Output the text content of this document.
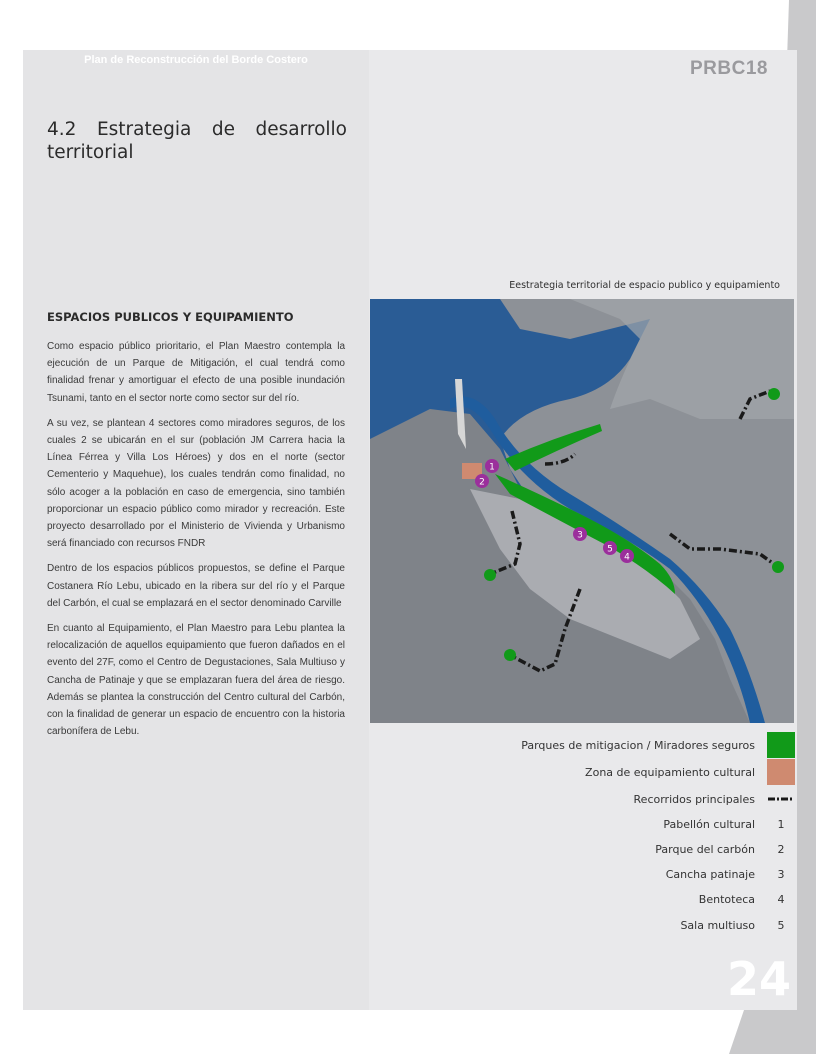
Plan de Reconstrucción del Borde Costero	PRBC18
4.2 Estrategia de desarrollo
territorial
ESPACIOS PUBLICOS Y EQUIPAMIENTO

Como espacio público prioritario, el Plan Maestro contempla la ejecución de un Parque de Mitigación, el cual tendrá como finalidad frenar y amortiguar el efecto de una posible inundación Tsunami, tanto en el sector norte como sector sur del río.

A su vez, se plantean 4 sectores como miradores seguros, de los cuales 2 se ubicarán en el sur (población JM Carrera hacia la Línea Férrea y Villa Los Héroes) y dos en el norte (sector Cementerio y Maquehue), los cuales tendrán como finalidad, no sólo acoger a la población en caso de emergencia, sino también proporcionar un espacio público como mirador y recreación. Este proyecto desarrollado por el Ministerio de Vivienda y Urbanismo será financiado con recursos FNDR

Dentro de los espacios públicos propuestos, se define el Parque Costanera Río Lebu, ubicado en la ribera sur del río y el Parque del Carbón, el cual se emplazará en el sector denominado Carville

En cuanto al Equipamiento, el Plan Maestro para Lebu plantea la relocalización de aquellos equipamiento que fueron dañados en el evento del 27F, como el Centro de Degustaciones, Sala Multiuso y Cancha de Patinaje y que se emplazaran fuera del área de riesgo. Además se plantea la construcción del Centro cultural del Carbón, con la finalidad de generar un espacio de encuentro con la historia carbonífera de Lebu.

Eestrategia territorial de espacio publico y equipamiento
1
2
3
4
5
Parques de mitigacion / Miradores seguros
Zona de equipamiento cultural
Recorridos principales
Pabellón cultural	1
Parque del carbón	2
Cancha patinaje	3
Bentoteca	4
Sala multiuso	5
24
